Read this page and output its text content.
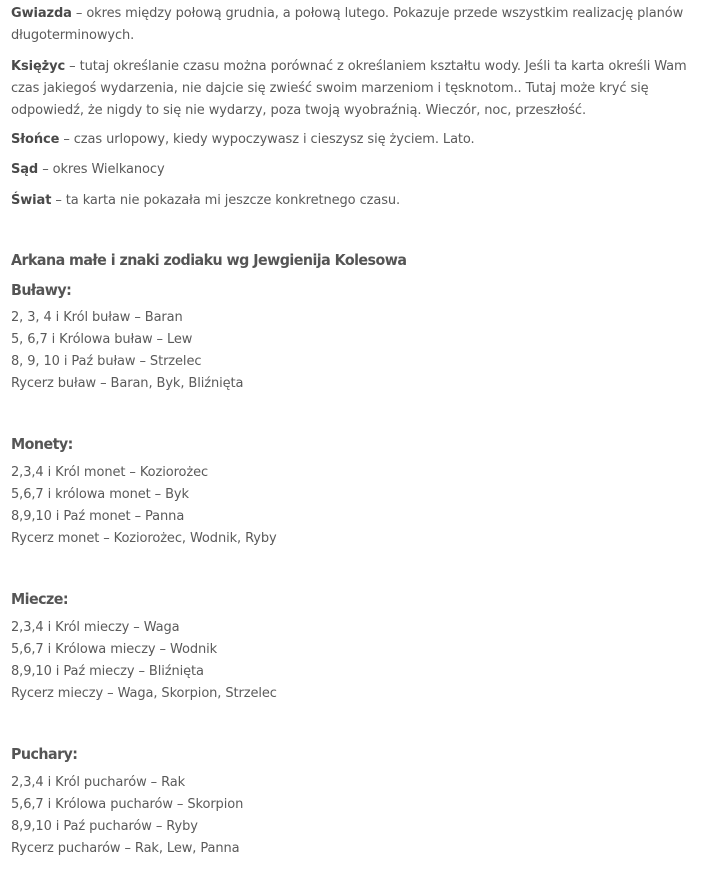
Gwiazda – okres między połową grudnia, a połową lutego. Pokazuje przede wszystkim realizację planów długoterminowych.

Księżyc – tutaj określanie czasu można porównać z określaniem kształtu wody. Jeśli ta karta określi Wam czas jakiegoś wydarzenia, nie dajcie się zwieść swoim marzeniom i tęsknotom.. Tutaj może kryć się odpowiedź, że nigdy to się nie wydarzy, poza twoją wyobraźnią. Wieczór, noc, przeszłość.

Słońce – czas urlopowy, kiedy wypoczywasz i cieszysz się życiem. Lato.

Sąd – okres Wielkanocy

Świat – ta karta nie pokazała mi jeszcze konkretnego czasu.

Arkana małe i znaki zodiaku wg Jewgienija Kolesowa
Buławy:
2, 3, 4 i Król buław – Baran
5, 6,7 i Królowa buław – Lew
8, 9, 10 i Paź buław – Strzelec
Rycerz buław – Baran, Byk, Bliźnięta
Monety:
2,3,4 i Król monet – Koziorożec
5,6,7 i królowa monet – Byk
8,9,10 i Paź monet – Panna
Rycerz monet – Koziorożec, Wodnik, Ryby
Miecze:
2,3,4 i Król mieczy – Waga
5,6,7 i Królowa mieczy – Wodnik
8,9,10 i Paź mieczy – Bliźnięta
Rycerz mieczy – Waga, Skorpion, Strzelec
Puchary:
2,3,4 i Król pucharów – Rak
5,6,7 i Królowa pucharów – Skorpion
8,9,10 i Paź pucharów – Ryby
Rycerz pucharów – Rak, Lew, Panna
